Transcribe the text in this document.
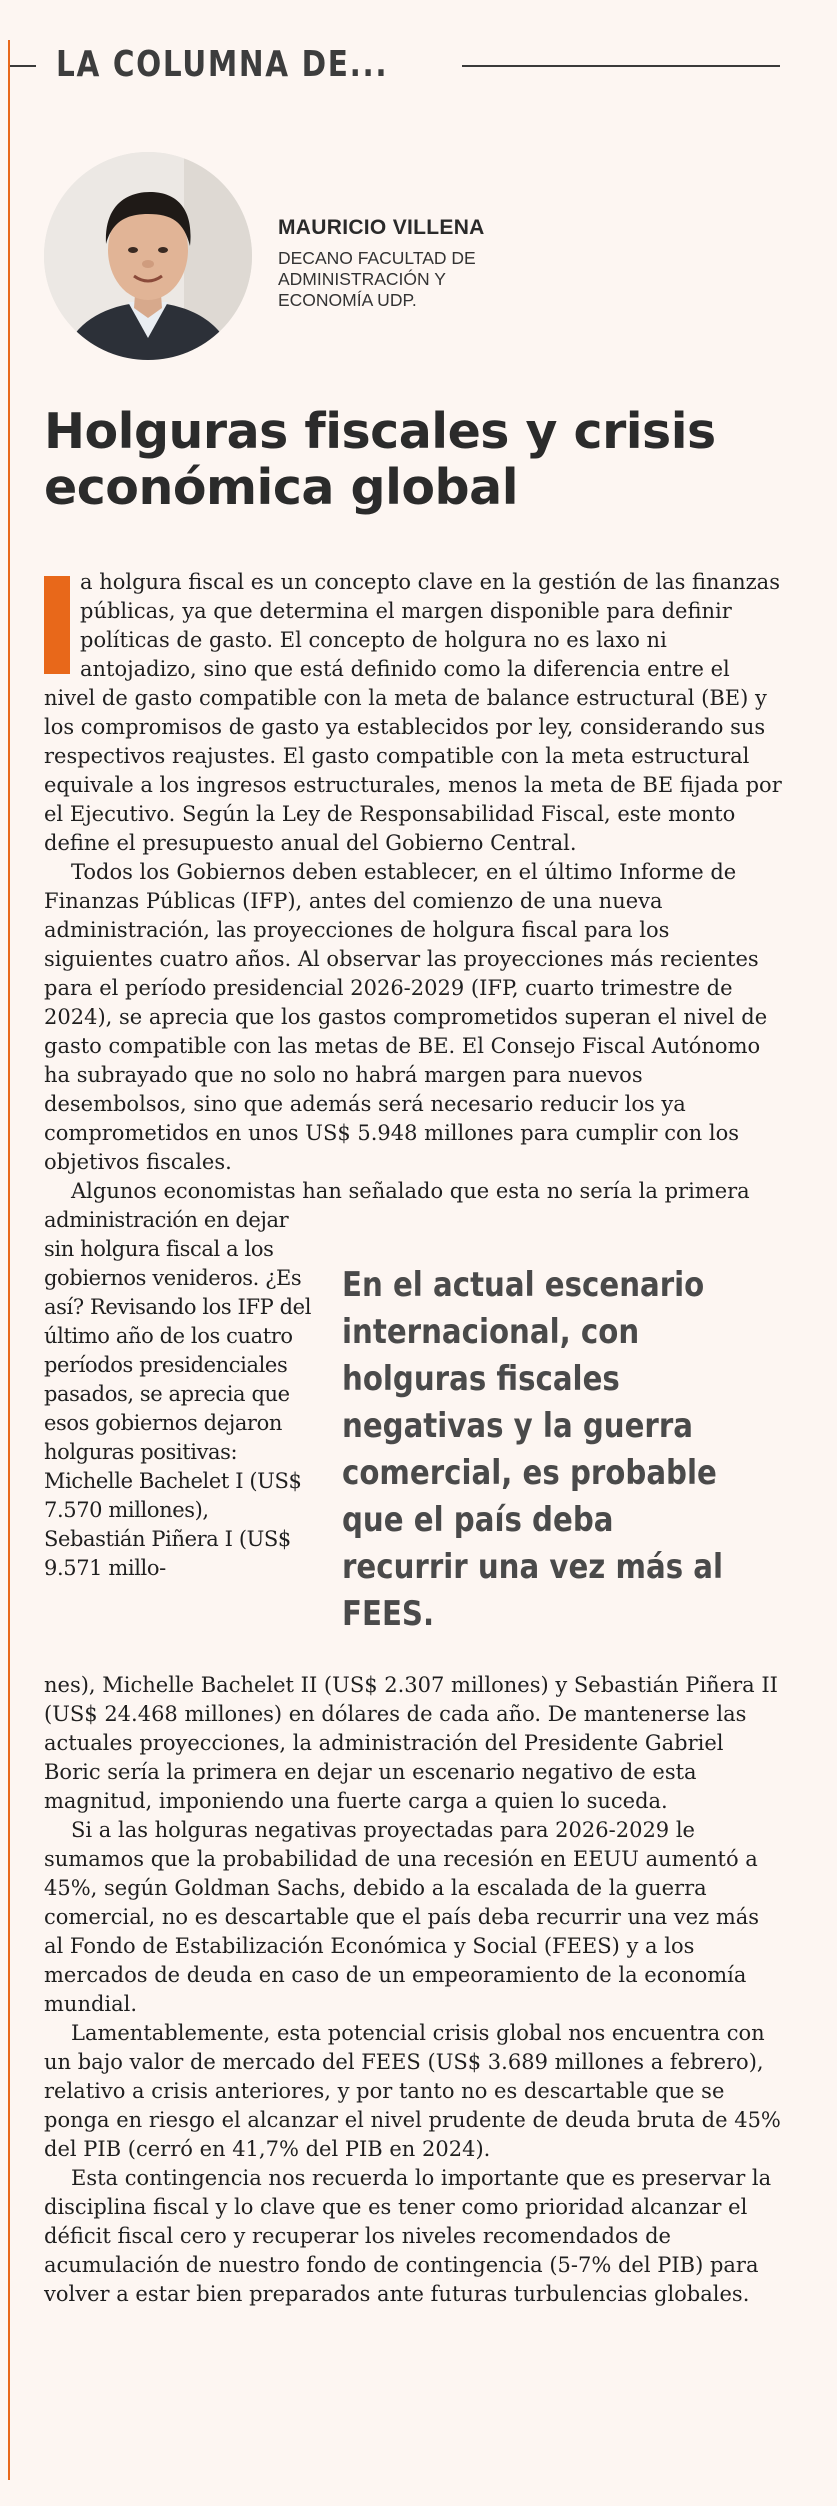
LA COLUMNA DE...
MAURICIO VILLENA
DECANO FACULTAD DE ADMINISTRACIÓN Y ECONOMÍA UDP.
Holguras fiscales y crisis económica global

a holgura fiscal es un concepto clave en la gestión de las finanzas públicas, ya que determina el margen disponible para definir políticas de gasto. El concepto de holgura no es laxo ni antojadizo, sino que está definido como la diferencia entre el nivel de gasto compatible con la meta de balance estructural (BE) y los compromisos de gasto ya establecidos por ley, considerando sus respectivos reajustes. El gasto compatible con la meta estructural equivale a los ingresos estructurales, menos la meta de BE fijada por el Ejecutivo. Según la Ley de Responsabilidad Fiscal, este monto define el presupuesto anual del Gobierno Central.

Todos los Gobiernos deben establecer, en el último Informe de Finanzas Públicas (IFP), antes del comienzo de una nueva administración, las proyecciones de holgura fiscal para los siguientes cuatro años. Al observar las proyecciones más recientes para el período presidencial 2026-2029 (IFP, cuarto trimestre de 2024), se aprecia que los gastos comprometidos superan el nivel de gasto compatible con las metas de BE. El Consejo Fiscal Autónomo ha subrayado que no solo no habrá margen para nuevos desembolsos, sino que además será necesario reducir los ya comprometidos en unos US$ 5.948 millones para cumplir con los objetivos fiscales.

Algunos economistas han señalado que esta no sería la primera

administración en dejar sin holgura fiscal a los gobiernos venideros. ¿Es así? Revisando los IFP del último año de los cuatro períodos presidenciales pasados, se aprecia que esos gobiernos dejaron holguras positivas: Michelle Bachelet I (US$ 7.570 millones), Sebastián Piñera I (US$ 9.571 millo-

En el actual escenario internacional, con holguras fiscales negativas y la guerra comercial, es probable que el país deba recurrir una vez más al FEES.

nes), Michelle Bachelet II (US$ 2.307 millones) y Sebastián Piñera II (US$ 24.468 millones) en dólares de cada año. De mantenerse las actuales proyecciones, la administración del Presidente Gabriel Boric sería la primera en dejar un escenario negativo de esta magnitud, imponiendo una fuerte carga a quien lo suceda.

Si a las holguras negativas proyectadas para 2026-2029 le sumamos que la probabilidad de una recesión en EEUU aumentó a 45%, según Goldman Sachs, debido a la escalada de la guerra comercial, no es descartable que el país deba recurrir una vez más al Fondo de Estabilización Económica y Social (FEES) y a los mercados de deuda en caso de un empeoramiento de la economía mundial.

Lamentablemente, esta potencial crisis global nos encuentra con un bajo valor de mercado del FEES (US$ 3.689 millones a febrero), relativo a crisis anteriores, y por tanto no es descartable que se ponga en riesgo el alcanzar el nivel prudente de deuda bruta de 45% del PIB (cerró en 41,7% del PIB en 2024).

Esta contingencia nos recuerda lo importante que es preservar la disciplina fiscal y lo clave que es tener como prioridad alcanzar el déficit fiscal cero y recuperar los niveles recomendados de acumulación de nuestro fondo de contingencia (5-7% del PIB) para volver a estar bien preparados ante futuras turbulencias globales.
